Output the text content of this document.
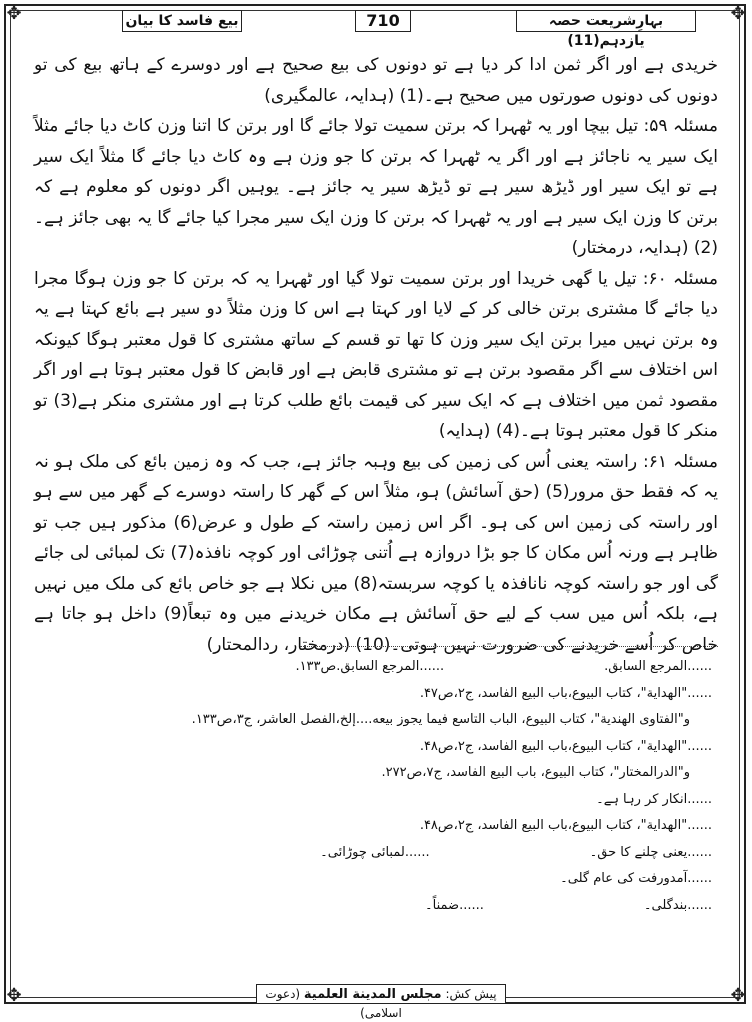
✥	✥
✥	✥
بہارِشریعت حصہ یازدہم(11)
710
بیع فاسد کا بیان

خریدی ہے اور اگر ثمن ادا کر دیا ہے تو دونوں کی بیع صحیح ہے اور دوسرے کے ہاتھ بیع کی تو دونوں کی دونوں صورتوں میں صحیح ہے۔(1) (ہدایہ، عالمگیری)

مسئلہ ۵۹: تیل بیچا اور یہ ٹھہرا کہ برتن سمیت تولا جائے گا اور برتن کا اتنا وزن کاٹ دیا جائے مثلاً ایک سیر یہ ناجائز ہے اور اگر یہ ٹھہرا کہ برتن کا جو وزن ہے وہ کاٹ دیا جائے گا مثلاً ایک سیر ہے تو ایک سیر اور ڈیڑھ سیر ہے تو ڈیڑھ سیر یہ جائز ہے۔ یوہیں اگر دونوں کو معلوم ہے کہ برتن کا وزن ایک سیر ہے اور یہ ٹھہرا کہ برتن کا وزن ایک سیر مجرا کیا جائے گا یہ بھی جائز ہے۔(2) (ہدایہ، درمختار)

مسئلہ ۶۰: تیل یا گھی خریدا اور برتن سمیت تولا گیا اور ٹھہرا یہ کہ برتن کا جو وزن ہوگا مجرا دیا جائے گا مشتری برتن خالی کر کے لایا اور کہتا ہے اس کا وزن مثلاً دو سیر ہے بائع کہتا ہے یہ وہ برتن نہیں میرا برتن ایک سیر وزن کا تھا تو قسم کے ساتھ مشتری کا قول معتبر ہوگا کیونکہ اس اختلاف سے اگر مقصود برتن ہے تو مشتری قابض ہے اور قابض کا قول معتبر ہوتا ہے اور اگر مقصود ثمن میں اختلاف ہے کہ ایک سیر کی قیمت بائع طلب کرتا ہے اور مشتری منکر ہے(3) تو منکر کا قول معتبر ہوتا ہے۔(4) (ہدایہ)

مسئلہ ۶۱: راستہ یعنی اُس کی زمین کی بیع وہبہ جائز ہے، جب کہ وہ زمین بائع کی ملک ہو نہ یہ کہ فقط حق مرور(5) (حق آسائش) ہو، مثلاً اس کے گھر کا راستہ دوسرے کے گھر میں سے ہو اور راستہ کی زمین اس کی ہو۔ اگر اس زمین راستہ کے طول و عرض(6) مذکور ہیں جب تو ظاہر ہے ورنہ اُس مکان کا جو بڑا دروازہ ہے اُتنی چوڑائی اور کوچہ نافذہ(7) تک لمبائی لی جائے گی اور جو راستہ کوچہ نانافذہ یا کوچہ سربستہ(8) میں نکلا ہے جو خاص بائع کی ملک میں نہیں ہے، بلکہ اُس میں سب کے لیے حق آسائش ہے مکان خریدنے میں وہ تبعاً(9) داخل ہو جاتا ہے خاص کر اُسے خریدنے کی ضرورت نہیں ہوتی۔(10) (درمختار، ردالمحتار)

......المرجع السابق.......المرجع السابق.ص۱۳۳.
......"الهداية"، كتاب البيوع،باب البيع الفاسد، ج۲،ص۴۷.
و"الفتاوى الهندية"، كتاب البيوع، الباب التاسع فيما يجوز بيعه....إلخ،الفصل العاشر، ج۳،ص۱۳۳.
......"الهداية"، كتاب البيوع،باب البيع الفاسد، ج۲،ص۴۸.
و"الدرالمختار"، كتاب البيوع، باب البيع الفاسد، ج۷،ص۲۷۲.
......انکار کر رہا ہے۔
......"الهداية"، كتاب البيوع،باب البيع الفاسد، ج۲،ص۴۸.
......یعنی چلنے کا حق۔......لمبائی چوڑائی۔
......آمدورفت کی عام گلی۔
......بندگلی۔......ضمناً۔
پیش کش: مجلس المدينة العلمية (دعوت اسلامی)
